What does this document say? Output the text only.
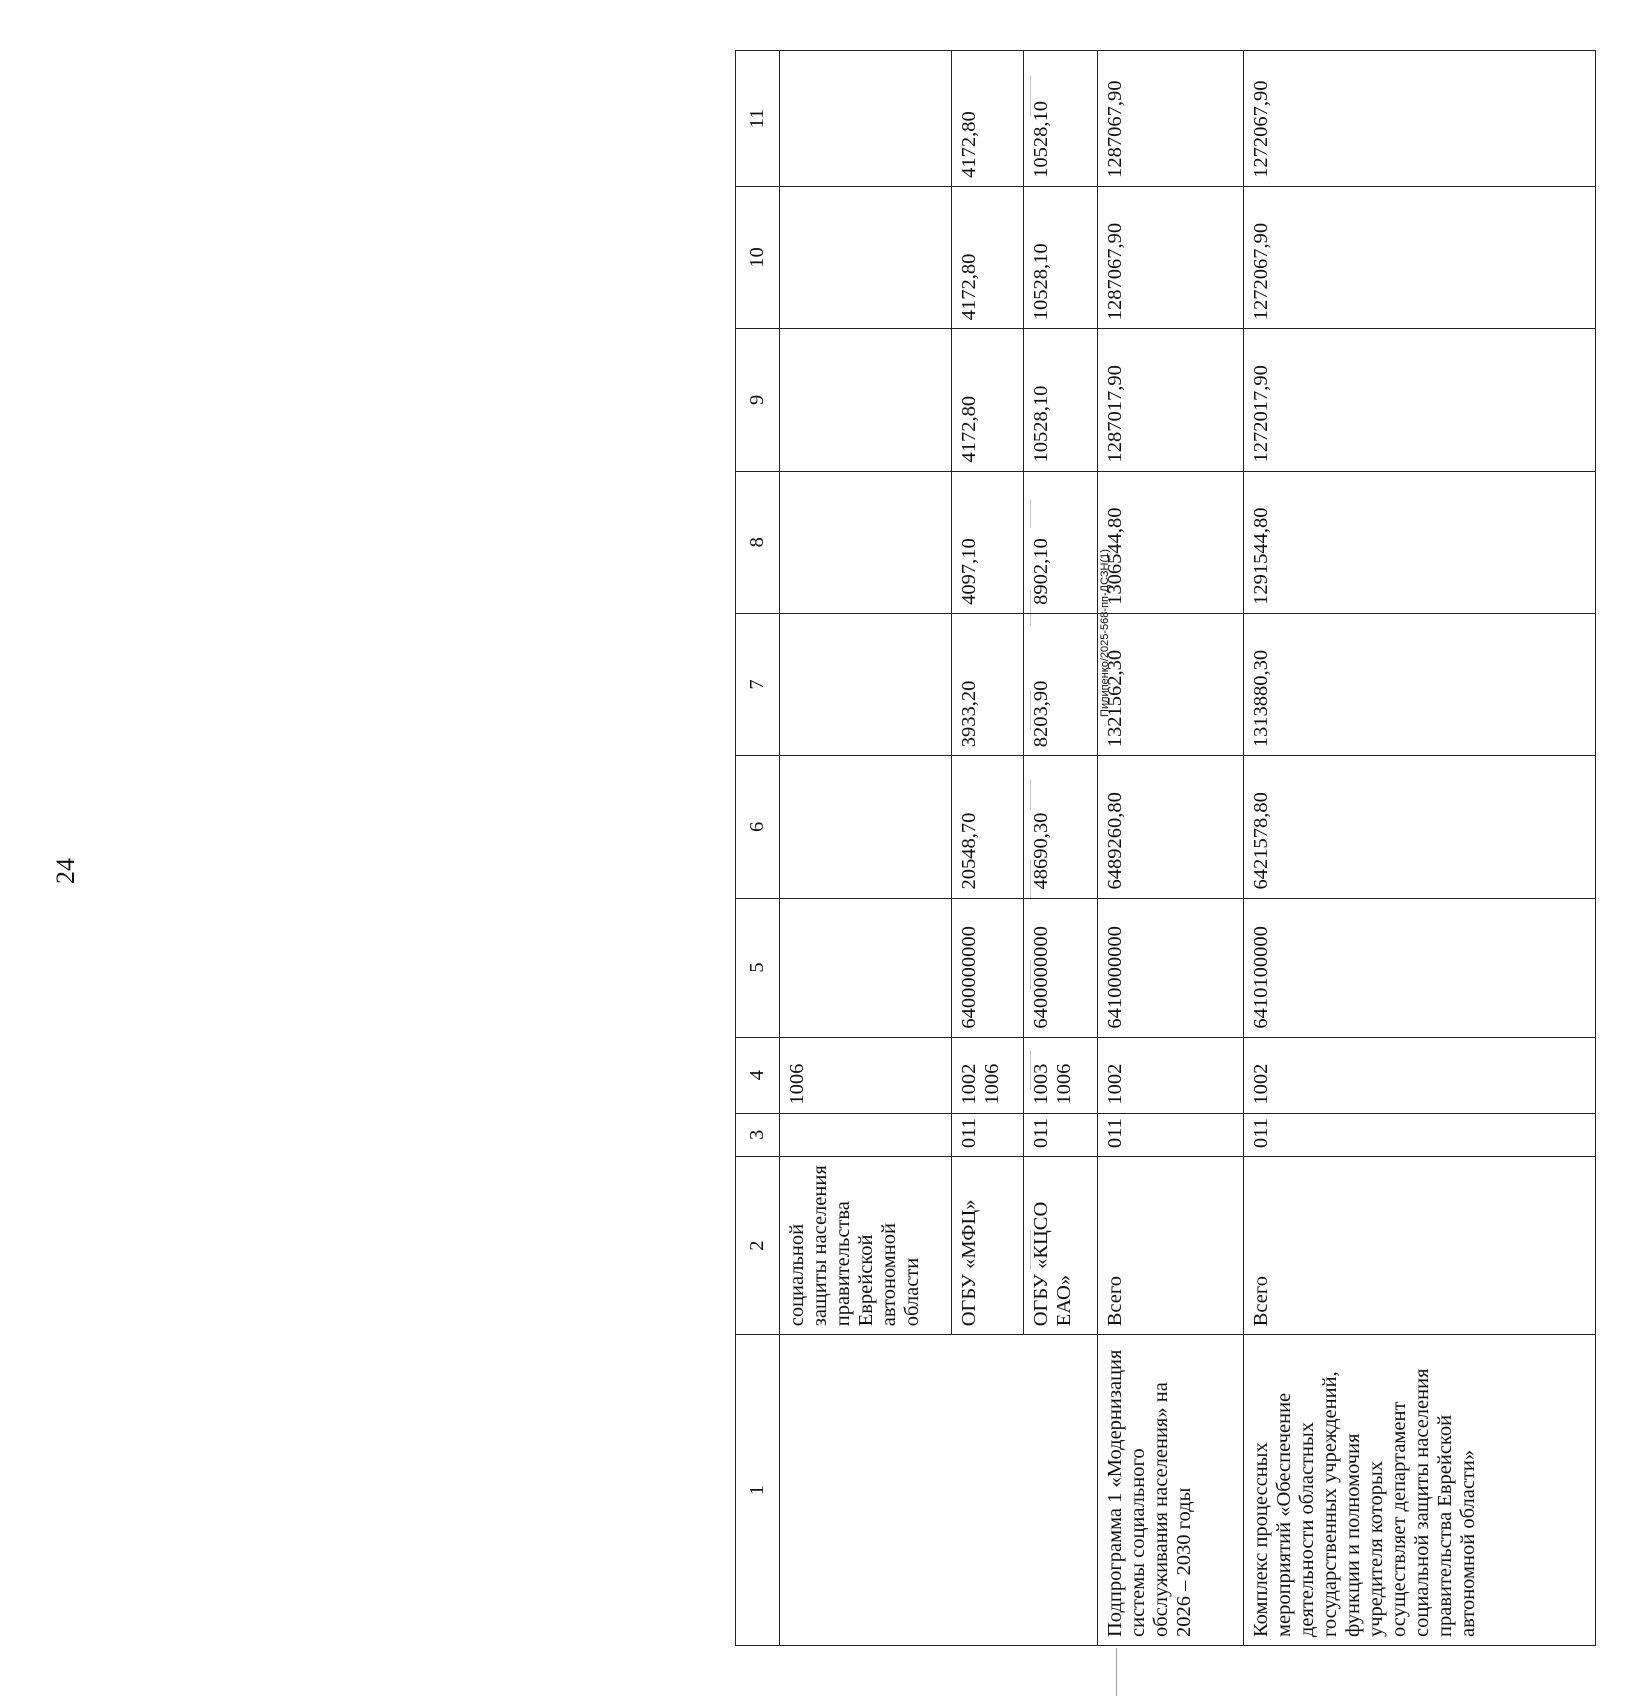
24
Пилипенко/2025-568-пп-ДСЗН(1)
1	2	3	4	5	6	7	8	9	10	11
	социальной защиты населения правительства Еврейской автономной области		1006							
	ОГБУ «МФЦ»	011	1002 1006	6400000000	20548,70	3933,20	4097,10	4172,80	4172,80	4172,80
	ОГБУ «КЦСО ЕАО»	011	1003 1006	6400000000	48690,30	8203,90	8902,10	10528,10	10528,10	10528,10
Подпрограмма 1 «Модернизация системы социального обслуживания населения» на 2026 – 2030 годы	Всего	011	1002	6410000000	6489260,80	1321562,30	1306544,80	1287017,90	1287067,90	1287067,90
Комплекс процессных мероприятий «Обеспечение деятельности областных государственных учреждений, функции и полномочия учредителя которых осуществляет департамент социальной защиты населения правительства Еврейской автономной области»	Всего	011	1002	6410100000	6421578,80	1313880,30	1291544,80	1272017,90	1272067,90	1272067,90
